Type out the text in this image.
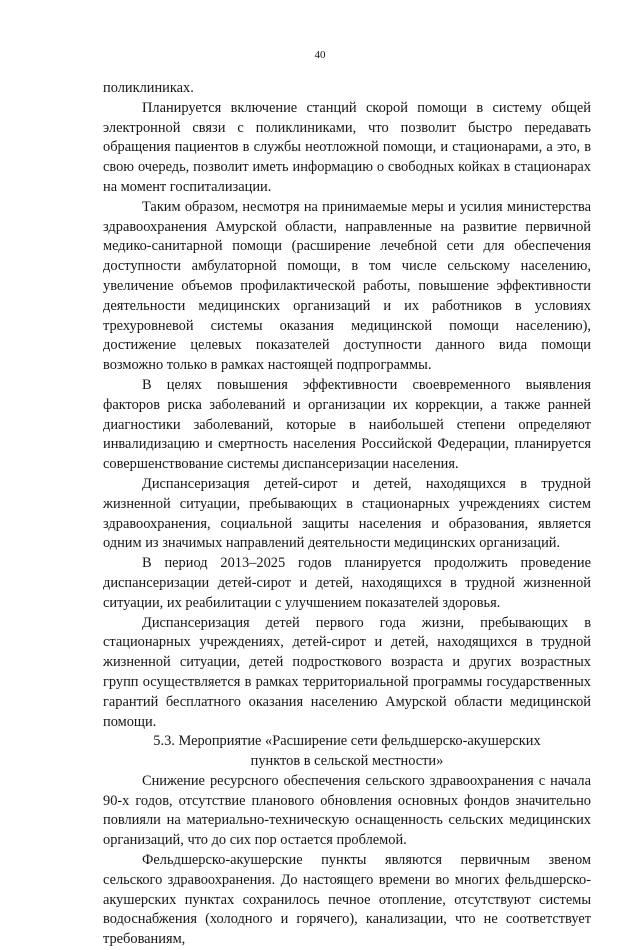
40

поликлиниках.

Планируется включение станций скорой помощи в систему общей электронной связи с поликлиниками, что позволит быстро передавать обращения пациентов в службы неотложной помощи, и стационарами, а это, в свою очередь, позволит иметь информацию о свободных койках в стационарах на момент госпитализации.

Таким образом, несмотря на принимаемые меры и усилия министерства здравоохранения Амурской области, направленные на развитие первичной медико-санитарной помощи (расширение лечебной сети для обеспечения доступности амбулаторной помощи, в том числе сельскому населению, увеличение объемов профилактической работы, повышение эффективности деятельности медицинских организаций и их работников в условиях трехуровневой системы оказания медицинской помощи населению), достижение целевых показателей доступности данного вида помощи возможно только в рамках настоящей подпрограммы.

В целях повышения эффективности своевременного выявления факторов риска заболеваний и организации их коррекции, а также ранней диагностики заболеваний, которые в наибольшей степени определяют инвалидизацию и смертность населения Российской Федерации, планируется совершенствование системы диспансеризации населения.

Диспансеризация детей-сирот и детей, находящихся в трудной жизненной ситуации, пребывающих в стационарных учреждениях систем здравоохранения, социальной защиты населения и образования, является одним из значимых направлений деятельности медицинских организаций.

В период 2013–2025 годов планируется продолжить проведение диспансеризации детей-сирот и детей, находящихся в трудной жизненной ситуации, их реабилитации с улучшением показателей здоровья.

Диспансеризация детей первого года жизни, пребывающих в стационарных учреждениях, детей-сирот и детей, находящихся в трудной жизненной ситуации, детей подросткового возраста и других возрастных групп осуществляется в рамках территориальной программы государственных гарантий бесплатного оказания населению Амурской области медицинской помощи.

5.3. Мероприятие «Расширение сети фельдшерско-акушерских
пунктов в сельской местности»

Снижение ресурсного обеспечения сельского здравоохранения с начала 90-х годов, отсутствие планового обновления основных фондов значительно повлияли на материально-техническую оснащенность сельских медицинских организаций, что до сих пор остается проблемой.

Фельдшерско-акушерские пункты являются первичным звеном сельского здравоохранения. До настоящего времени во многих фельдшерско-акушерских пунктах сохранилось печное отопление, отсутствуют системы водоснабжения (холодного и горячего), канализации, что не соответствует требованиям,
